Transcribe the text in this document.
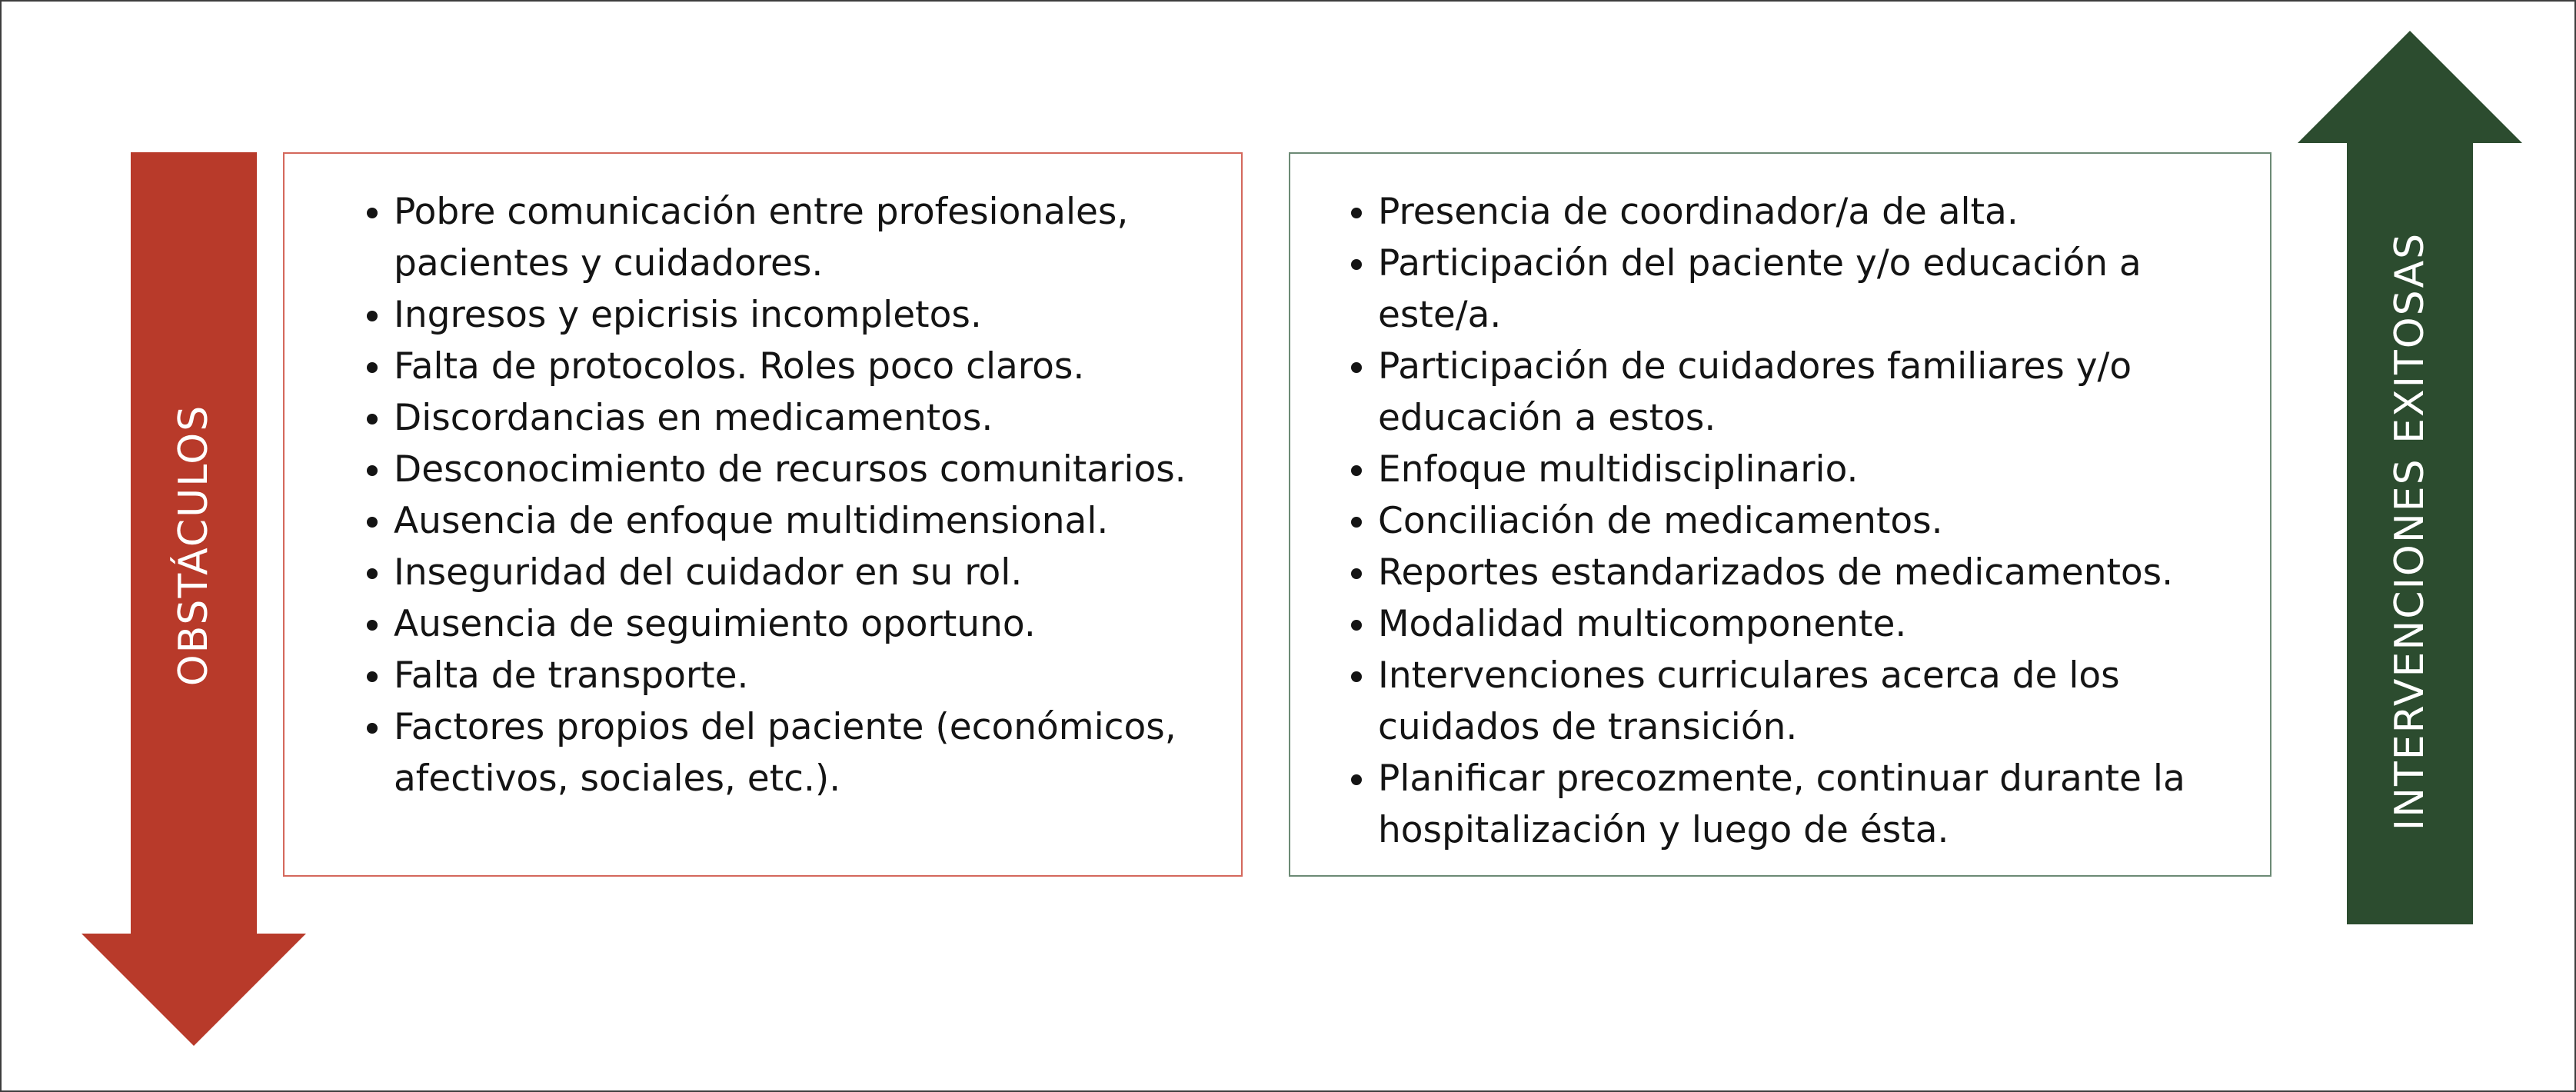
OBSTÁCULOS
• Pobre comunicación entre profesionales, pacientes y cuidadores.
• Ingresos y epicrisis incompletos.
• Falta de protocolos. Roles poco claros.
• Discordancias en medicamentos.
• Desconocimiento de recursos comunitarios.
• Ausencia de enfoque multidimensional.
• Inseguridad del cuidador en su rol.
• Ausencia de seguimiento oportuno.
• Falta de transporte.
• Factores propios del paciente (económicos, afectivos, sociales, etc.).
• Presencia de coordinador/a de alta.
• Participación del paciente y/o educación a este/a.
• Participación de cuidadores familiares y/o educación a estos.
• Enfoque multidisciplinario.
• Conciliación de medicamentos.
• Reportes estandarizados de medicamentos.
• Modalidad multicomponente.
• Intervenciones curriculares acerca de los cuidados de transición.
• Planificar precozmente, continuar durante la hospitalización y luego de ésta.	INTERVENCIONES EXITOSAS
